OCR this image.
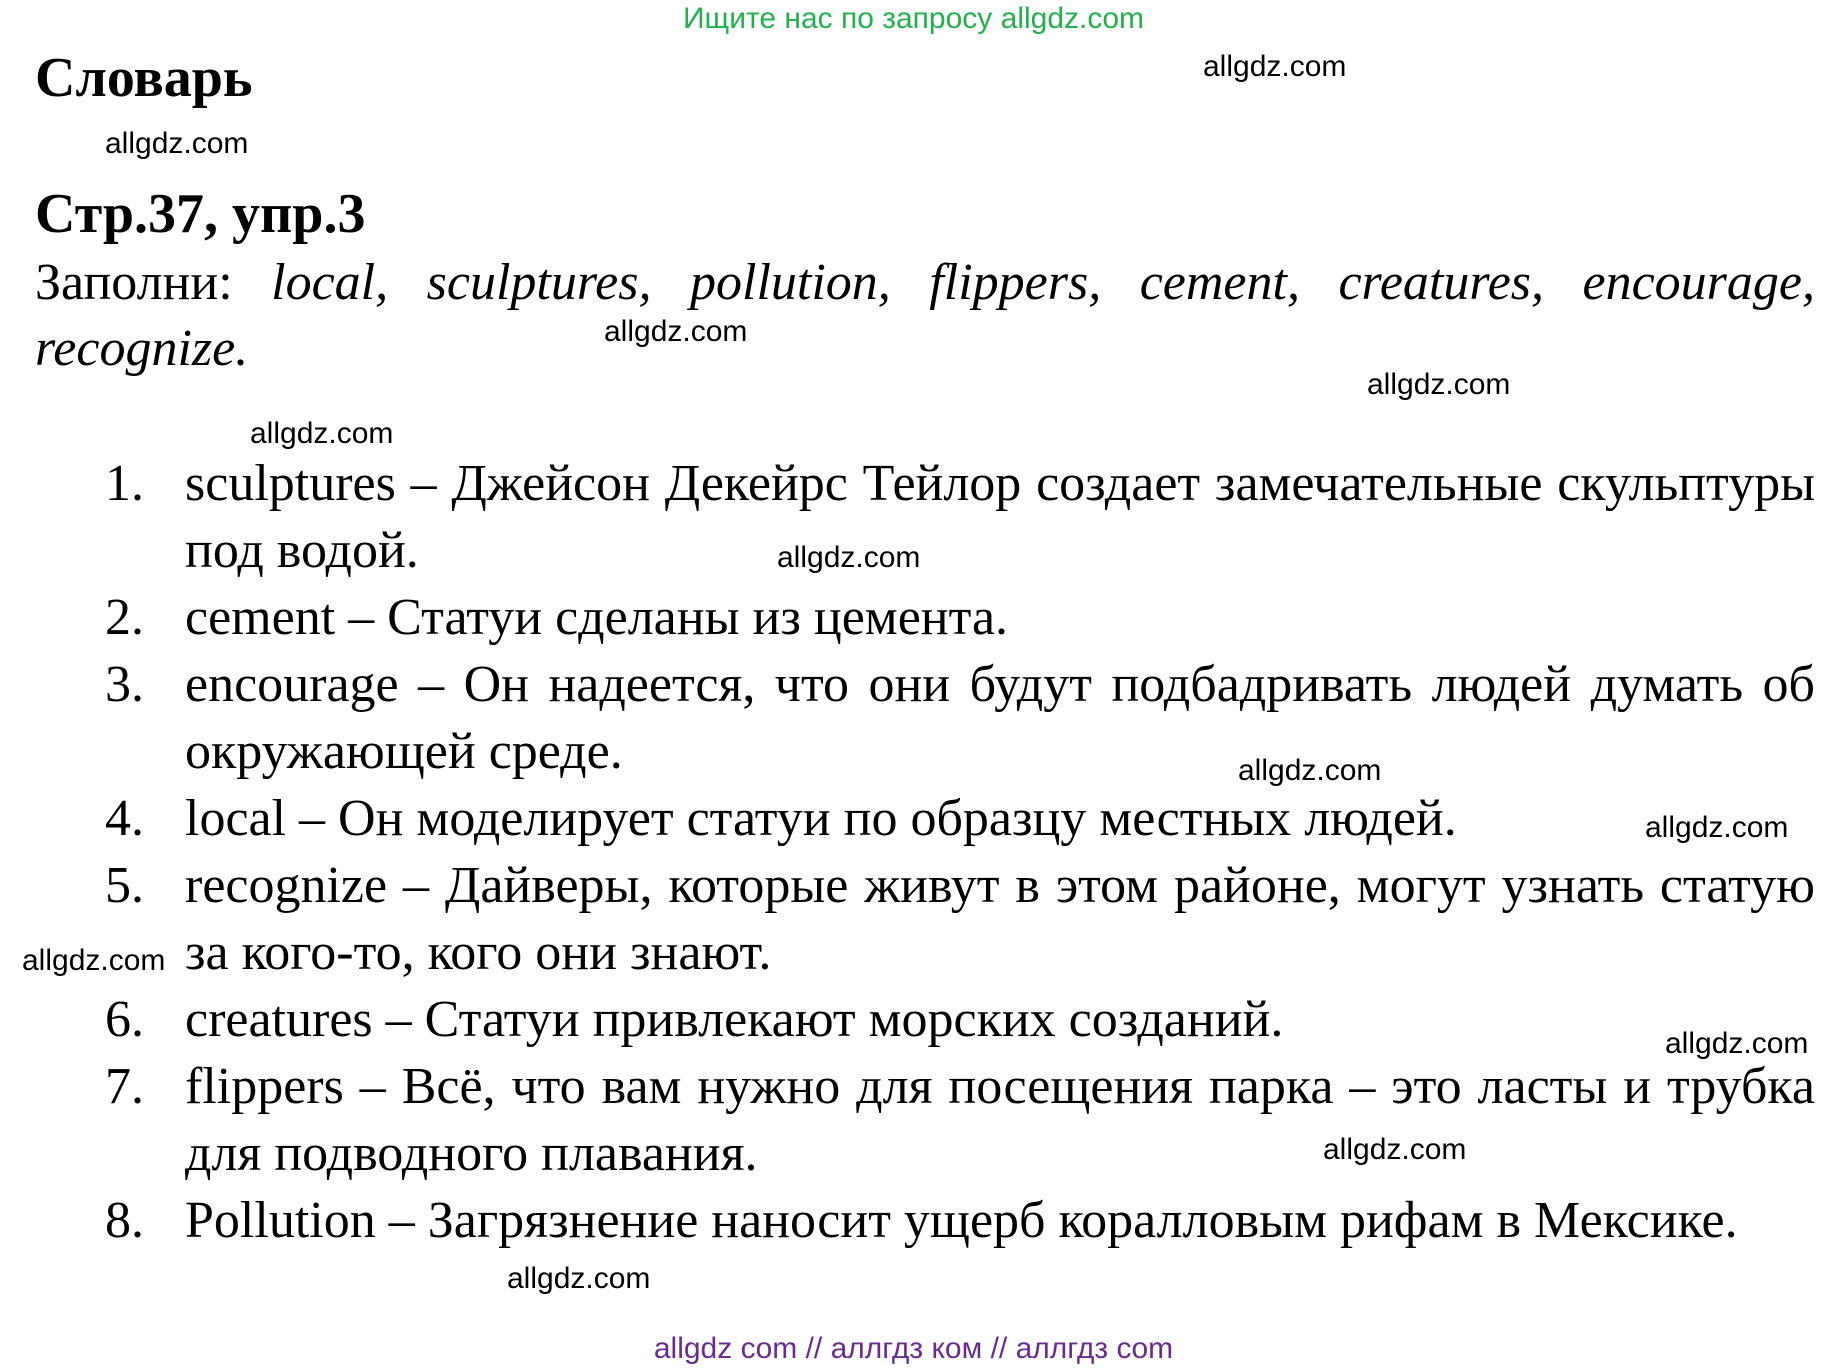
Ищите нас по запросу allgdz.com
Словарь
Стр.37, упр.3
Заполни: local, sculptures, pollution, flippers, cement, creatures, encourage, recognize.
1. sculptures – Джейсон Декейрс Тейлор создает замечательные скульптуры под водой.
2. cement – Статуи сделаны из цемента.
3. encourage – Он надеется, что они будут подбадривать людей думать об окружающей среде.
4. local – Он моделирует статуи по образцу местных людей.
5. recognize – Дайверы, которые живут в этом районе, могут узнать статую за кого-то, кого они знают.
6. creatures – Статуи привлекают морских созданий.
7. flippers – Всё, что вам нужно для посещения парка – это ласты и трубка для подводного плавания.
8. Pollution – Загрязнение наносит ущерб коралловым рифам в Мексике.
allgdz.com
allgdz.com
allgdz.com
allgdz.com
allgdz.com
allgdz.com
allgdz.com
allgdz.com
allgdz.com
allgdz.com
allgdz.com
allgdz.com
allgdz com // аллгдз ком // аллгдз com
